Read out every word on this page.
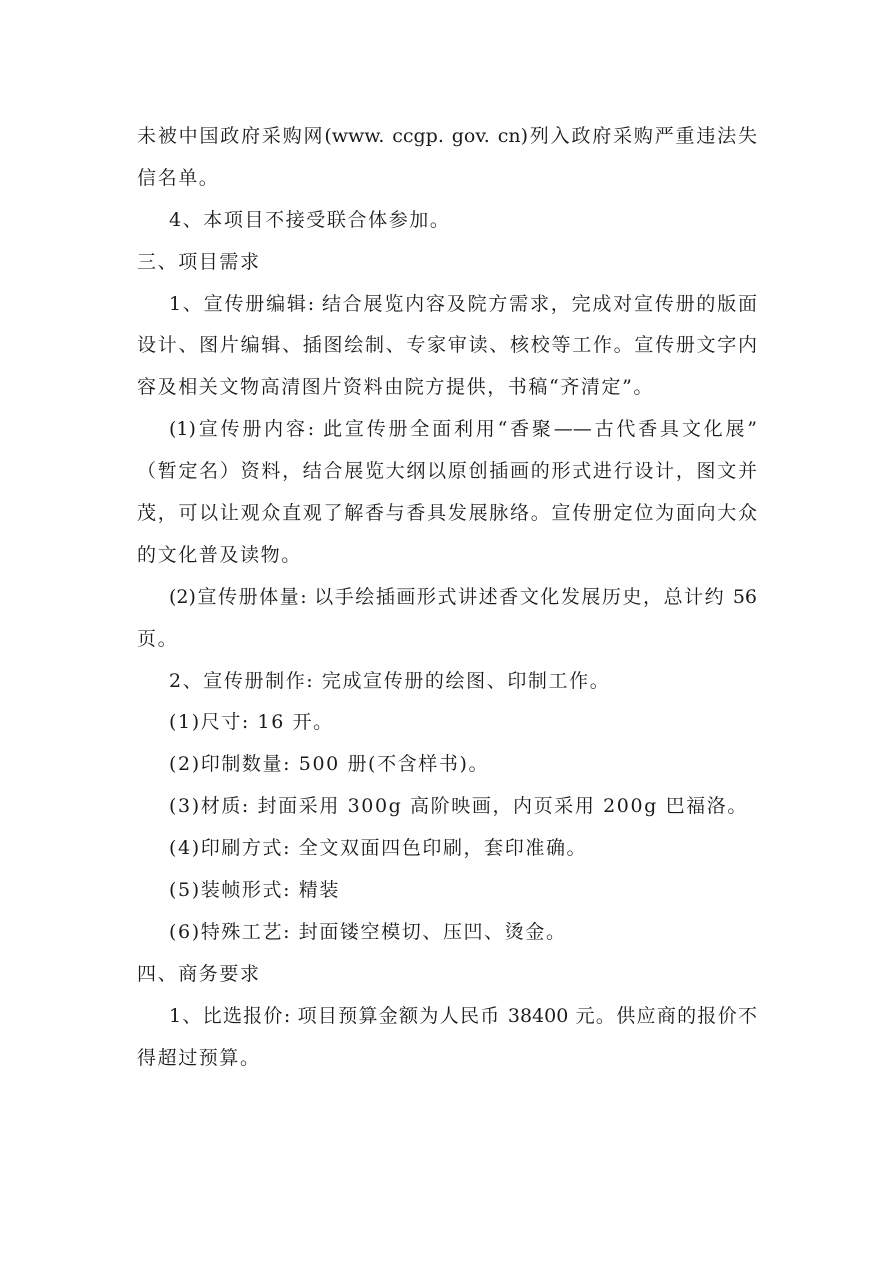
未被中国政府采购网(www. ccgp. gov. cn)列入政府采购严重违法失
信名单。
4、本项目不接受联合体参加。
三、项目需求
1、宣传册编辑: 结合展览内容及院方需求，完成对宣传册的版面
设计、图片编辑、插图绘制、专家审读、核校等工作。宣传册文字内
容及相关文物高清图片资料由院方提供，书稿“齐清定”。
(1)宣传册内容: 此宣传册全面利用“香聚——古代香具文化展”
（暂定名）资料，结合展览大纲以原创插画的形式进行设计，图文并
茂，可以让观众直观了解香与香具发展脉络。宣传册定位为面向大众
的文化普及读物。
(2)宣传册体量: 以手绘插画形式讲述香文化发展历史，总计约 56
页。
2、宣传册制作: 完成宣传册的绘图、印制工作。
(1)尺寸: 16 开。
(2)印制数量: 500 册(不含样书)。
(3)材质: 封面采用 300g 高阶映画，内页采用 200g 巴福洛。
(4)印刷方式: 全文双面四色印刷，套印准确。
(5)装帧形式: 精装
(6)特殊工艺: 封面镂空模切、压凹、烫金。
四、商务要求
1、比选报价: 项目预算金额为人民币 38400 元。供应商的报价不
得超过预算。
